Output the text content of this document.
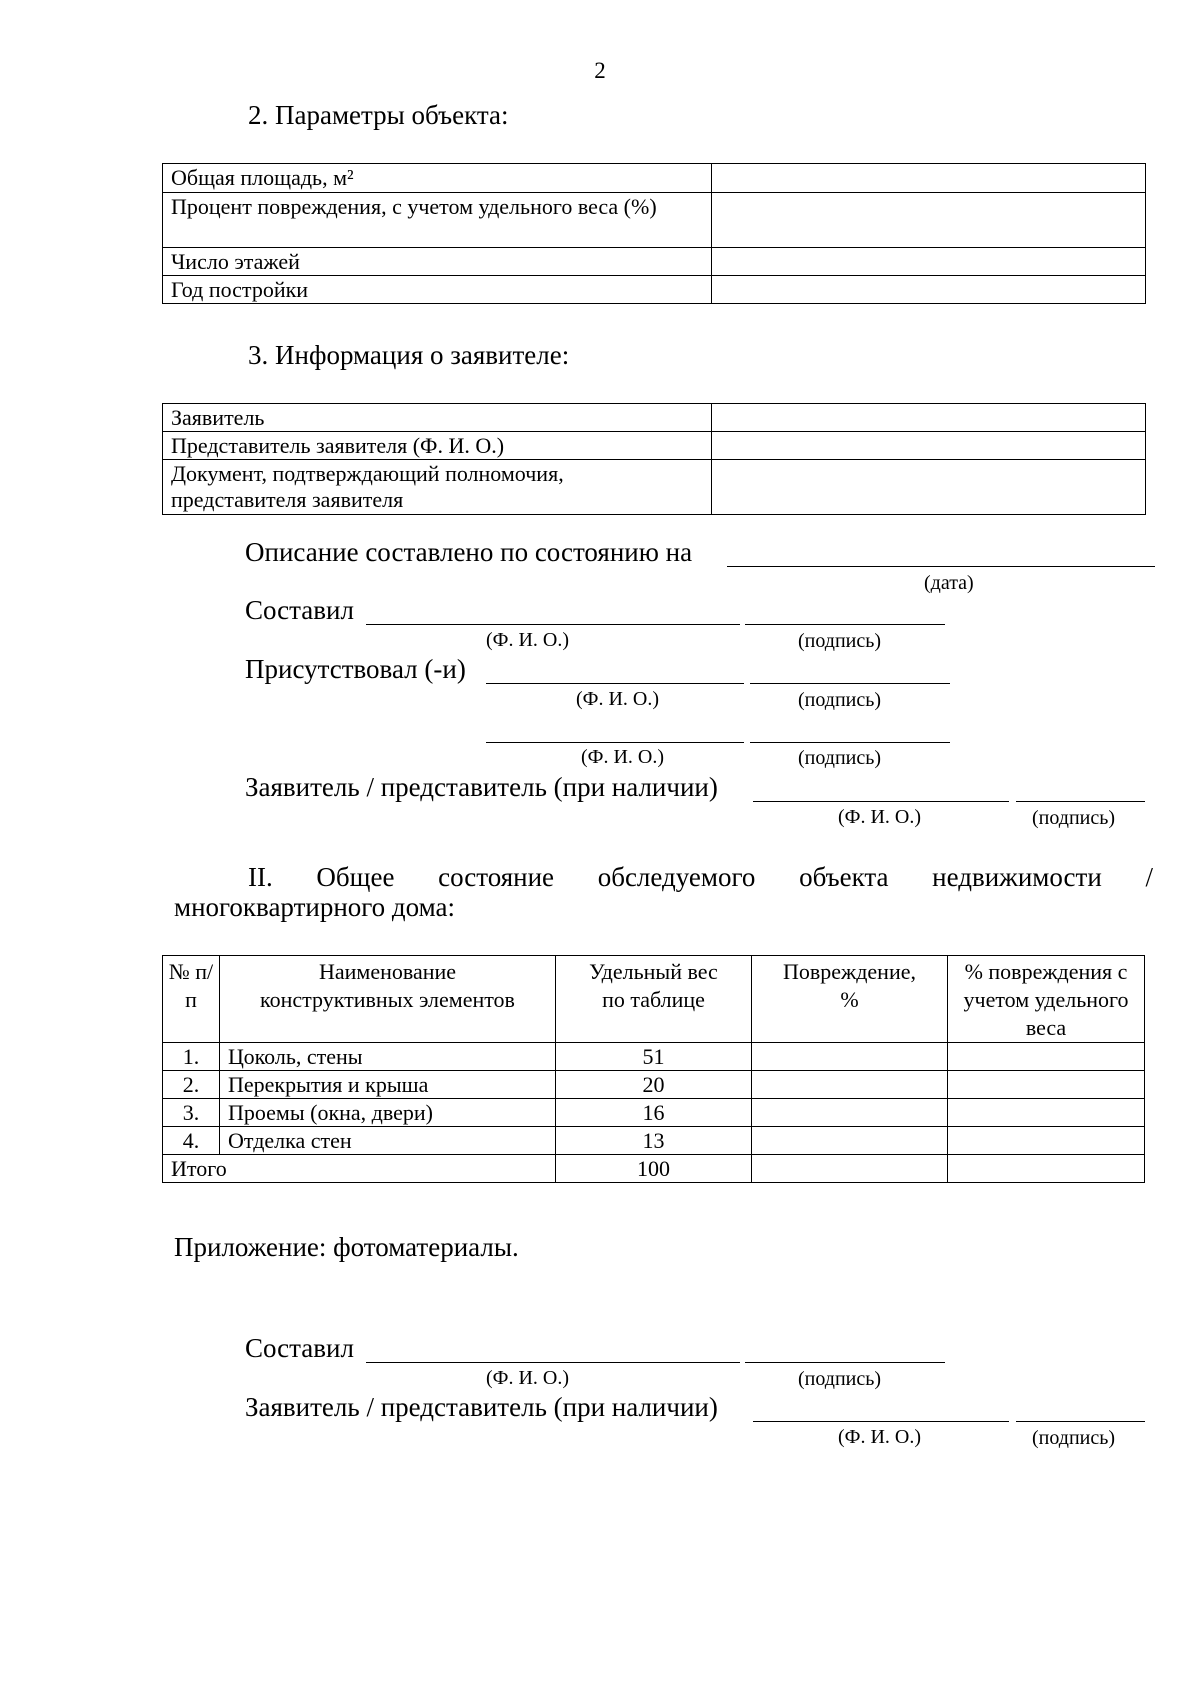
2
2. Параметры объекта:
Общая площадь, м²	
Процент повреждения, с учетом удельного веса (%)	
Число этажей	
Год постройки	
3. Информация о заявителе:
Заявитель	
Представитель заявителя (Ф. И. О.)	
Документ, подтверждающий полномочия, представителя заявителя	
Описание составлено по состоянию на
(дата)
Составил
(Ф. И. О.)	(подпись)
Присутствовал (-и)
(Ф. И. О.)	(подпись)
(Ф. И. О.)	(подпись)
Заявитель / представитель (при наличии)
(Ф. И. О.)	(подпись)
II. Общее состояние обследуемого объекта недвижимости /
многоквартирного дома:
№ п/п	Наименование конструктивных элементов	Удельный вес по таблице	Повреждение, %	% повреждения с учетом удельного веса
1.	Цоколь, стены	51		
2.	Перекрытия и крыша	20		
3.	Проемы (окна, двери)	16		
4.	Отделка стен	13		
Итого		100		
Приложение: фотоматериалы.
Составил
(Ф. И. О.)	(подпись)
Заявитель / представитель (при наличии)
(Ф. И. О.)	(подпись)
